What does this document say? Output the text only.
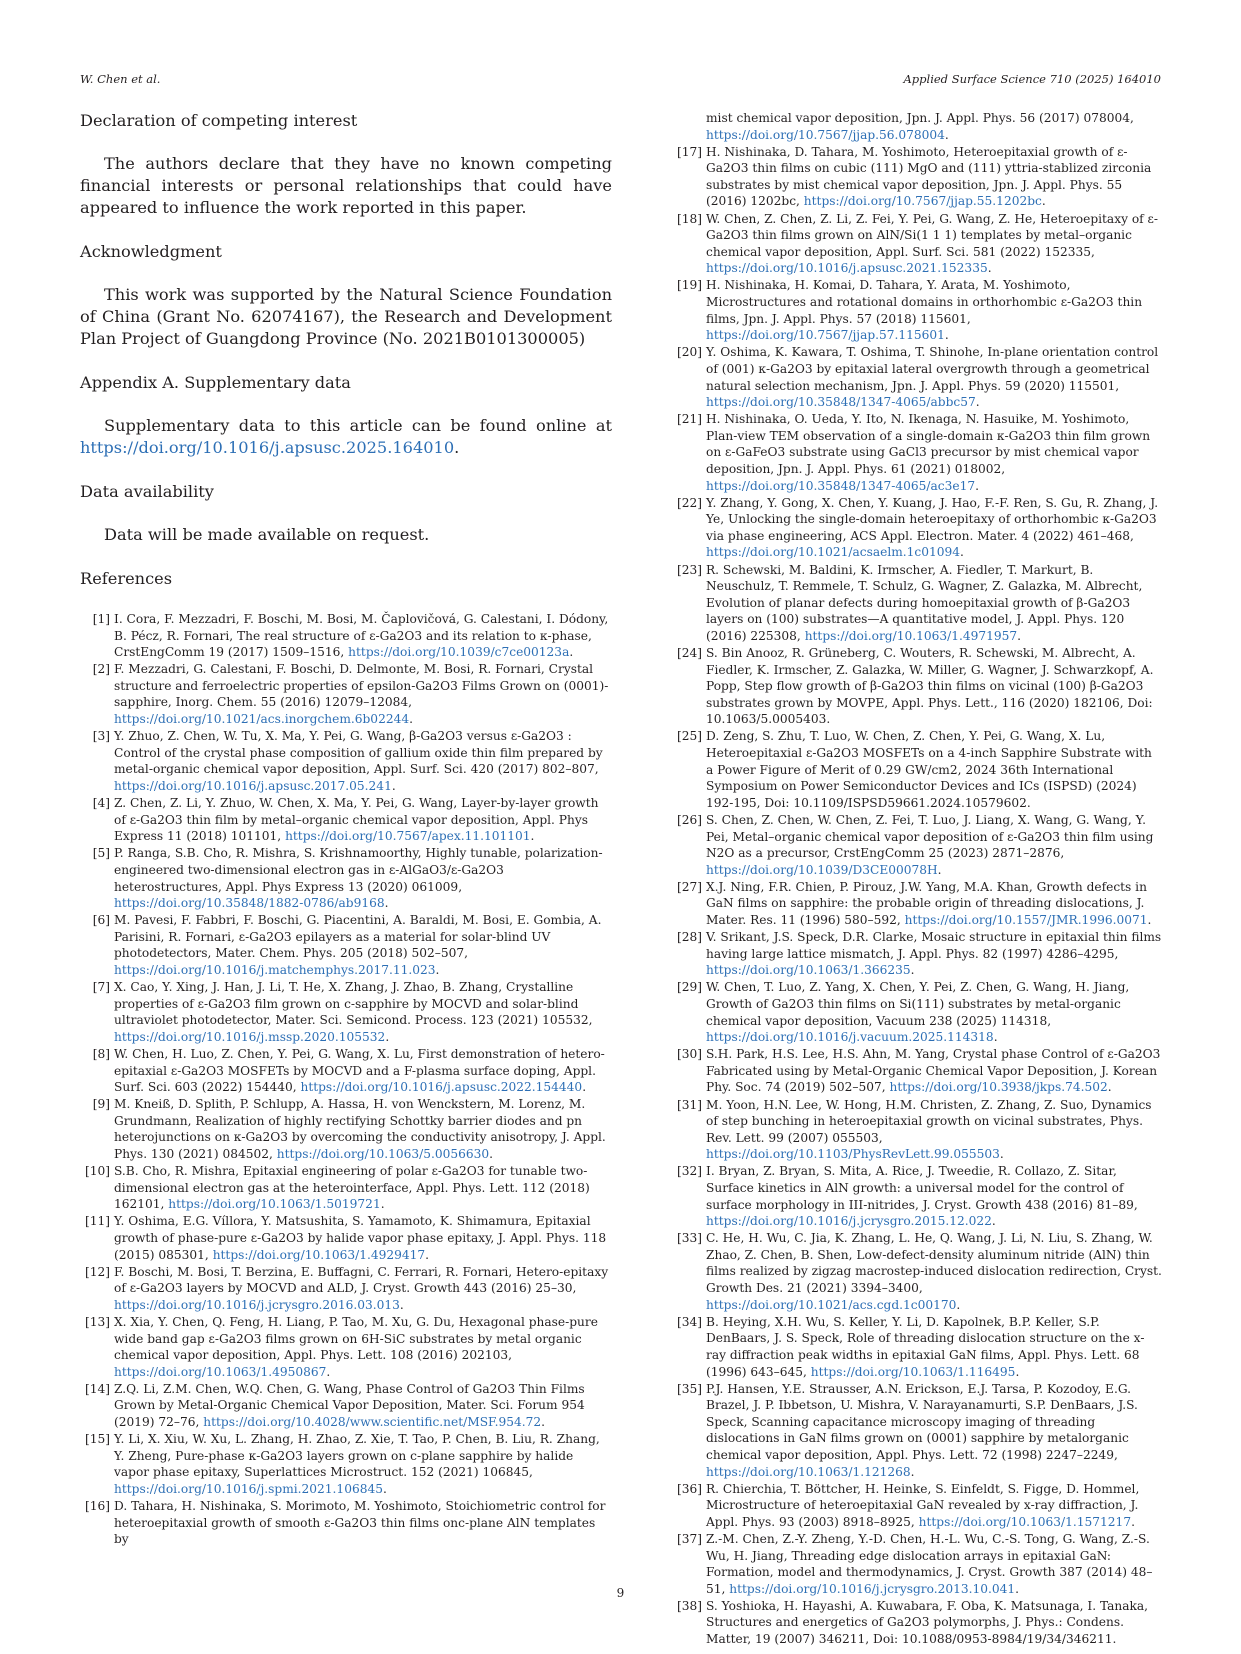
W. Chen et al.	Applied Surface Science 710 (2025) 164010
Declaration of competing interest

The authors declare that they have no known competing financial interests or personal relationships that could have appeared to influence the work reported in this paper.

Acknowledgment

This work was supported by the Natural Science Foundation of China (Grant No. 62074167), the Research and Development Plan Project of Guangdong Province (No. 2021B0101300005)

Appendix A. Supplementary data

Supplementary data to this article can be found online at https://doi.org/10.1016/j.apsusc.2025.164010.

Data availability

Data will be made available on request.

References
[1] I. Cora, F. Mezzadri, F. Boschi, M. Bosi, M. Čaplovičová, G. Calestani, I. Dódony, B. Pécz, R. Fornari, The real structure of ε-Ga2O3 and its relation to κ-phase, CrstEngComm 19 (2017) 1509–1516, https://doi.org/10.1039/c7ce00123a.
[2] F. Mezzadri, G. Calestani, F. Boschi, D. Delmonte, M. Bosi, R. Fornari, Crystal structure and ferroelectric properties of epsilon-Ga2O3 Films Grown on (0001)-sapphire, Inorg. Chem. 55 (2016) 12079–12084, https://doi.org/10.1021/acs.inorgchem.6b02244.
[3] Y. Zhuo, Z. Chen, W. Tu, X. Ma, Y. Pei, G. Wang, β-Ga2O3 versus ε-Ga2O3 : Control of the crystal phase composition of gallium oxide thin film prepared by metal-organic chemical vapor deposition, Appl. Surf. Sci. 420 (2017) 802–807, https://doi.org/10.1016/j.apsusc.2017.05.241.
[4] Z. Chen, Z. Li, Y. Zhuo, W. Chen, X. Ma, Y. Pei, G. Wang, Layer-by-layer growth of ε-Ga2O3 thin film by metal–organic chemical vapor deposition, Appl. Phys Express 11 (2018) 101101, https://doi.org/10.7567/apex.11.101101.
[5] P. Ranga, S.B. Cho, R. Mishra, S. Krishnamoorthy, Highly tunable, polarization-engineered two-dimensional electron gas in ε-AlGaO3/ε-Ga2O3 heterostructures, Appl. Phys Express 13 (2020) 061009, https://doi.org/10.35848/1882-0786/ab9168.
[6] M. Pavesi, F. Fabbri, F. Boschi, G. Piacentini, A. Baraldi, M. Bosi, E. Gombia, A. Parisini, R. Fornari, ε-Ga2O3 epilayers as a material for solar-blind UV photodetectors, Mater. Chem. Phys. 205 (2018) 502–507, https://doi.org/10.1016/j.matchemphys.2017.11.023.
[7] X. Cao, Y. Xing, J. Han, J. Li, T. He, X. Zhang, J. Zhao, B. Zhang, Crystalline properties of ε-Ga2O3 film grown on c-sapphire by MOCVD and solar-blind ultraviolet photodetector, Mater. Sci. Semicond. Process. 123 (2021) 105532, https://doi.org/10.1016/j.mssp.2020.105532.
[8] W. Chen, H. Luo, Z. Chen, Y. Pei, G. Wang, X. Lu, First demonstration of hetero-epitaxial ε-Ga2O3 MOSFETs by MOCVD and a F-plasma surface doping, Appl. Surf. Sci. 603 (2022) 154440, https://doi.org/10.1016/j.apsusc.2022.154440.
[9] M. Kneiß, D. Splith, P. Schlupp, A. Hassa, H. von Wenckstern, M. Lorenz, M. Grundmann, Realization of highly rectifying Schottky barrier diodes and pn heterojunctions on κ-Ga2O3 by overcoming the conductivity anisotropy, J. Appl. Phys. 130 (2021) 084502, https://doi.org/10.1063/5.0056630.
[10] S.B. Cho, R. Mishra, Epitaxial engineering of polar ε-Ga2O3 for tunable two-dimensional electron gas at the heterointerface, Appl. Phys. Lett. 112 (2018) 162101, https://doi.org/10.1063/1.5019721.
[11] Y. Oshima, E.G. Víllora, Y. Matsushita, S. Yamamoto, K. Shimamura, Epitaxial growth of phase-pure ε-Ga2O3 by halide vapor phase epitaxy, J. Appl. Phys. 118 (2015) 085301, https://doi.org/10.1063/1.4929417.
[12] F. Boschi, M. Bosi, T. Berzina, E. Buffagni, C. Ferrari, R. Fornari, Hetero-epitaxy of ε-Ga2O3 layers by MOCVD and ALD, J. Cryst. Growth 443 (2016) 25–30, https://doi.org/10.1016/j.jcrysgro.2016.03.013.
[13] X. Xia, Y. Chen, Q. Feng, H. Liang, P. Tao, M. Xu, G. Du, Hexagonal phase-pure wide band gap ε-Ga2O3 films grown on 6H-SiC substrates by metal organic chemical vapor deposition, Appl. Phys. Lett. 108 (2016) 202103, https://doi.org/10.1063/1.4950867.
[14] Z.Q. Li, Z.M. Chen, W.Q. Chen, G. Wang, Phase Control of Ga2O3 Thin Films Grown by Metal-Organic Chemical Vapor Deposition, Mater. Sci. Forum 954 (2019) 72–76, https://doi.org/10.4028/www.scientific.net/MSF.954.72.
[15] Y. Li, X. Xiu, W. Xu, L. Zhang, H. Zhao, Z. Xie, T. Tao, P. Chen, B. Liu, R. Zhang, Y. Zheng, Pure-phase κ-Ga2O3 layers grown on c-plane sapphire by halide vapor phase epitaxy, Superlattices Microstruct. 152 (2021) 106845, https://doi.org/10.1016/j.spmi.2021.106845.
[16] D. Tahara, H. Nishinaka, S. Morimoto, M. Yoshimoto, Stoichiometric control for heteroepitaxial growth of smooth ε-Ga2O3 thin films onc-plane AlN templates by
mist chemical vapor deposition, Jpn. J. Appl. Phys. 56 (2017) 078004, https://doi.org/10.7567/jjap.56.078004.
[17] H. Nishinaka, D. Tahara, M. Yoshimoto, Heteroepitaxial growth of ε-Ga2O3 thin films on cubic (111) MgO and (111) yttria-stablized zirconia substrates by mist chemical vapor deposition, Jpn. J. Appl. Phys. 55 (2016) 1202bc, https://doi.org/10.7567/jjap.55.1202bc.
[18] W. Chen, Z. Chen, Z. Li, Z. Fei, Y. Pei, G. Wang, Z. He, Heteroepitaxy of ε-Ga2O3 thin films grown on AlN/Si(1 1 1) templates by metal–organic chemical vapor deposition, Appl. Surf. Sci. 581 (2022) 152335, https://doi.org/10.1016/j.apsusc.2021.152335.
[19] H. Nishinaka, H. Komai, D. Tahara, Y. Arata, M. Yoshimoto, Microstructures and rotational domains in orthorhombic ε-Ga2O3 thin films, Jpn. J. Appl. Phys. 57 (2018) 115601, https://doi.org/10.7567/jjap.57.115601.
[20] Y. Oshima, K. Kawara, T. Oshima, T. Shinohe, In-plane orientation control of (001) κ-Ga2O3 by epitaxial lateral overgrowth through a geometrical natural selection mechanism, Jpn. J. Appl. Phys. 59 (2020) 115501, https://doi.org/10.35848/1347-4065/abbc57.
[21] H. Nishinaka, O. Ueda, Y. Ito, N. Ikenaga, N. Hasuike, M. Yoshimoto, Plan-view TEM observation of a single-domain κ-Ga2O3 thin film grown on ε-GaFeO3 substrate using GaCl3 precursor by mist chemical vapor deposition, Jpn. J. Appl. Phys. 61 (2021) 018002, https://doi.org/10.35848/1347-4065/ac3e17.
[22] Y. Zhang, Y. Gong, X. Chen, Y. Kuang, J. Hao, F.-F. Ren, S. Gu, R. Zhang, J. Ye, Unlocking the single-domain heteroepitaxy of orthorhombic κ-Ga2O3 via phase engineering, ACS Appl. Electron. Mater. 4 (2022) 461–468, https://doi.org/10.1021/acsaelm.1c01094.
[23] R. Schewski, M. Baldini, K. Irmscher, A. Fiedler, T. Markurt, B. Neuschulz, T. Remmele, T. Schulz, G. Wagner, Z. Galazka, M. Albrecht, Evolution of planar defects during homoepitaxial growth of β-Ga2O3 layers on (100) substrates—A quantitative model, J. Appl. Phys. 120 (2016) 225308, https://doi.org/10.1063/1.4971957.
[24] S. Bin Anooz, R. Grüneberg, C. Wouters, R. Schewski, M. Albrecht, A. Fiedler, K. Irmscher, Z. Galazka, W. Miller, G. Wagner, J. Schwarzkopf, A. Popp, Step flow growth of β-Ga2O3 thin films on vicinal (100) β-Ga2O3 substrates grown by MOVPE, Appl. Phys. Lett., 116 (2020) 182106, Doi: 10.1063/5.0005403.
[25] D. Zeng, S. Zhu, T. Luo, W. Chen, Z. Chen, Y. Pei, G. Wang, X. Lu, Heteroepitaxial ε-Ga2O3 MOSFETs on a 4-inch Sapphire Substrate with a Power Figure of Merit of 0.29 GW/cm2, 2024 36th International Symposium on Power Semiconductor Devices and ICs (ISPSD) (2024) 192-195, Doi: 10.1109/ISPSD59661.2024.10579602.
[26] S. Chen, Z. Chen, W. Chen, Z. Fei, T. Luo, J. Liang, X. Wang, G. Wang, Y. Pei, Metal–organic chemical vapor deposition of ε-Ga2O3 thin film using N2O as a precursor, CrstEngComm 25 (2023) 2871–2876, https://doi.org/10.1039/D3CE00078H.
[27] X.J. Ning, F.R. Chien, P. Pirouz, J.W. Yang, M.A. Khan, Growth defects in GaN films on sapphire: the probable origin of threading dislocations, J. Mater. Res. 11 (1996) 580–592, https://doi.org/10.1557/JMR.1996.0071.
[28] V. Srikant, J.S. Speck, D.R. Clarke, Mosaic structure in epitaxial thin films having large lattice mismatch, J. Appl. Phys. 82 (1997) 4286–4295, https://doi.org/10.1063/1.366235.
[29] W. Chen, T. Luo, Z. Yang, X. Chen, Y. Pei, Z. Chen, G. Wang, H. Jiang, Growth of Ga2O3 thin films on Si(111) substrates by metal-organic chemical vapor deposition, Vacuum 238 (2025) 114318, https://doi.org/10.1016/j.vacuum.2025.114318.
[30] S.H. Park, H.S. Lee, H.S. Ahn, M. Yang, Crystal phase Control of ε-Ga2O3 Fabricated using by Metal-Organic Chemical Vapor Deposition, J. Korean Phy. Soc. 74 (2019) 502–507, https://doi.org/10.3938/jkps.74.502.
[31] M. Yoon, H.N. Lee, W. Hong, H.M. Christen, Z. Zhang, Z. Suo, Dynamics of step bunching in heteroepitaxial growth on vicinal substrates, Phys. Rev. Lett. 99 (2007) 055503, https://doi.org/10.1103/PhysRevLett.99.055503.
[32] I. Bryan, Z. Bryan, S. Mita, A. Rice, J. Tweedie, R. Collazo, Z. Sitar, Surface kinetics in AlN growth: a universal model for the control of surface morphology in III-nitrides, J. Cryst. Growth 438 (2016) 81–89, https://doi.org/10.1016/j.jcrysgro.2015.12.022.
[33] C. He, H. Wu, C. Jia, K. Zhang, L. He, Q. Wang, J. Li, N. Liu, S. Zhang, W. Zhao, Z. Chen, B. Shen, Low-defect-density aluminum nitride (AlN) thin films realized by zigzag macrostep-induced dislocation redirection, Cryst. Growth Des. 21 (2021) 3394–3400, https://doi.org/10.1021/acs.cgd.1c00170.
[34] B. Heying, X.H. Wu, S. Keller, Y. Li, D. Kapolnek, B.P. Keller, S.P. DenBaars, J. S. Speck, Role of threading dislocation structure on the x-ray diffraction peak widths in epitaxial GaN films, Appl. Phys. Lett. 68 (1996) 643–645, https://doi.org/10.1063/1.116495.
[35] P.J. Hansen, Y.E. Strausser, A.N. Erickson, E.J. Tarsa, P. Kozodoy, E.G. Brazel, J. P. Ibbetson, U. Mishra, V. Narayanamurti, S.P. DenBaars, J.S. Speck, Scanning capacitance microscopy imaging of threading dislocations in GaN films grown on (0001) sapphire by metalorganic chemical vapor deposition, Appl. Phys. Lett. 72 (1998) 2247–2249, https://doi.org/10.1063/1.121268.
[36] R. Chierchia, T. Böttcher, H. Heinke, S. Einfeldt, S. Figge, D. Hommel, Microstructure of heteroepitaxial GaN revealed by x-ray diffraction, J. Appl. Phys. 93 (2003) 8918–8925, https://doi.org/10.1063/1.1571217.
[37] Z.-M. Chen, Z.-Y. Zheng, Y.-D. Chen, H.-L. Wu, C.-S. Tong, G. Wang, Z.-S. Wu, H. Jiang, Threading edge dislocation arrays in epitaxial GaN: Formation, model and thermodynamics, J. Cryst. Growth 387 (2014) 48–51, https://doi.org/10.1016/j.jcrysgro.2013.10.041.
[38] S. Yoshioka, H. Hayashi, A. Kuwabara, F. Oba, K. Matsunaga, I. Tanaka, Structures and energetics of Ga2O3 polymorphs, J. Phys.: Condens. Matter, 19 (2007) 346211, Doi: 10.1088/0953-8984/19/34/346211.
9
